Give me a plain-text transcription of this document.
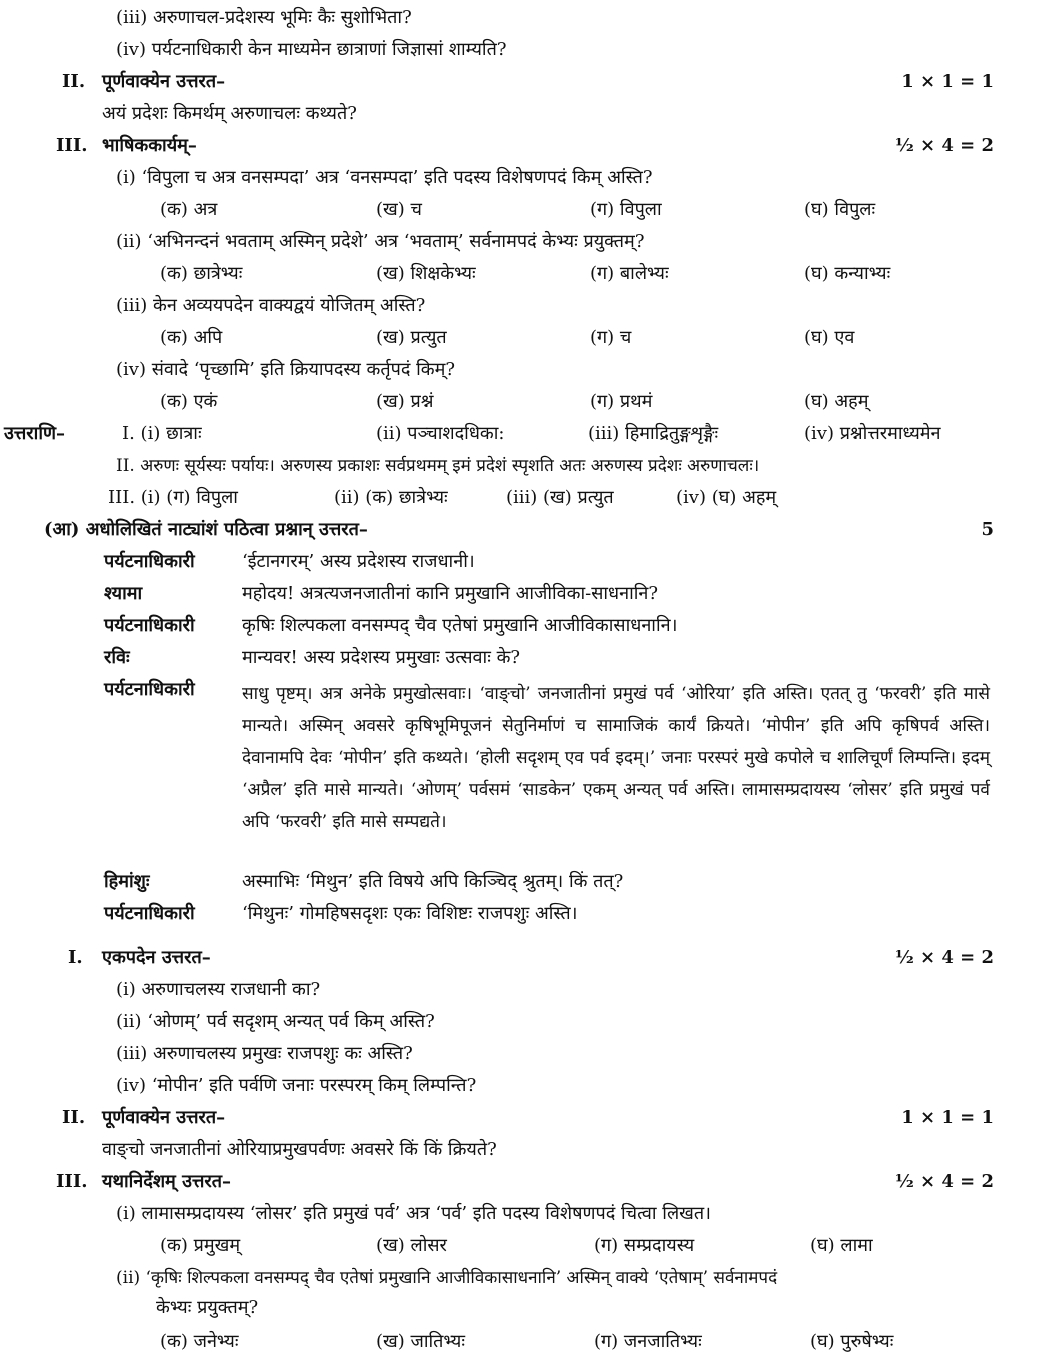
(iii) अरुणाचल-प्रदेशस्य भूमिः कैः सुशोभिता?
(iv) पर्यटनाधिकारी केन माध्यमेन छात्राणां जिज्ञासां शाम्यति?
II. पूर्णवाक्येन उत्तरत–	1 × 1 = 1
अयं प्रदेशः किमर्थम् अरुणाचलः कथ्यते?
III. भाषिककार्यम्–	½ × 4 = 2
(i) ‘विपुला च अत्र वनसम्पदा’ अत्र ‘वनसम्पदा’ इति पदस्य विशेषणपदं किम् अस्ति?
(क) अत्र	(ख) च	(ग) विपुला	(घ) विपुलः
(ii) ‘अभिनन्दनं भवताम् अस्मिन् प्रदेशे’ अत्र ‘भवताम्’ सर्वनामपदं केभ्यः प्रयुक्तम्?
(क) छात्रेभ्यः	(ख) शिक्षकेभ्यः	(ग) बालेभ्यः	(घ) कन्याभ्यः
(iii) केन अव्ययपदेन वाक्यद्वयं योजितम् अस्ति?
(क) अपि	(ख) प्रत्युत	(ग) च	(घ) एव
(iv) संवादे ‘पृच्छामि’ इति क्रियापदस्य कर्तृपदं किम्?
(क) एकं	(ख) प्रश्नं	(ग) प्रथमं	(घ) अहम्
उत्तराणि–	I. (i) छात्राः	(ii) पञ्चाशदधिका:	(iii) हिमाद्रितुङ्गशृङ्गैः	(iv) प्रश्नोत्तरमाध्यमेन
II. अरुणः सूर्यस्यः पर्यायः। अरुणस्य प्रकाशः सर्वप्रथमम् इमं प्रदेशं स्पृशति अतः अरुणस्य प्रदेशः अरुणाचलः।
III. (i) (ग) विपुला	(ii) (क) छात्रेभ्यः	(iii) (ख) प्रत्युत	(iv) (घ) अहम्
(आ) अधोलिखितं नाट्यांशं पठित्वा प्रश्नान् उत्तरत–	5
पर्यटनाधिकारी	‘ईटानगरम्’ अस्य प्रदेशस्य राजधानी।
श्यामा	महोदय! अत्रत्यजनजातीनां कानि प्रमुखानि आजीविका-साधनानि?
पर्यटनाधिकारी	कृषिः शिल्पकला वनसम्पद् चैव एतेषां प्रमुखानि आजीविकासाधनानि।
रविः	मान्यवर! अस्य प्रदेशस्य प्रमुखाः उत्सवाः के?
पर्यटनाधिकारी	साधु पृष्टम्। अत्र अनेके प्रमुखोत्सवाः। ‘वाङ्चो’ जनजातीनां प्रमुखं पर्व ‘ओरिया’ इति अस्ति। एतत् तु ‘फरवरी’ इति मासे मान्यते। अस्मिन् अवसरे कृषिभूमिपूजनं सेतुनिर्माणं च सामाजिकं कार्यं क्रियते। ‘मोपीन’ इति अपि कृषिपर्व अस्ति। देवानामपि देवः ‘मोपीन’ इति कथ्यते। ‘होली सदृशम् एव पर्व इदम्।’ जनाः परस्परं मुखे कपोले च शालिचूर्णं लिम्पन्ति। इदम् ‘अप्रैल’ इति मासे मान्यते। ‘ओणम्’ पर्वसमं ‘साडकेन’ एकम् अन्यत् पर्व अस्ति। लामासम्प्रदायस्य ‘लोसर’ इति प्रमुखं पर्व अपि ‘फरवरी’ इति मासे सम्पद्यते।
हिमांशुः	अस्माभिः ‘मिथुन’ इति विषये अपि किञ्चिद् श्रुतम्। किं तत्?
पर्यटनाधिकारी	‘मिथुनः’ गोमहिषसदृशः एकः विशिष्टः राजपशुः अस्ति।
I. एकपदेन उत्तरत–	½ × 4 = 2
(i) अरुणाचलस्य राजधानी का?
(ii) ‘ओणम्’ पर्व सदृशम् अन्यत् पर्व किम् अस्ति?
(iii) अरुणाचलस्य प्रमुखः राजपशुः कः अस्ति?
(iv) ‘मोपीन’ इति पर्वणि जनाः परस्परम् किम् लिम्पन्ति?
II. पूर्णवाक्येन उत्तरत–	1 × 1 = 1
वाङ्चो जनजातीनां ओरियाप्रमुखपर्वणः अवसरे किं किं क्रियते?
III. यथानिर्देशम् उत्तरत–	½ × 4 = 2
(i) लामासम्प्रदायस्य ‘लोसर’ इति प्रमुखं पर्व’ अत्र ‘पर्व’ इति पदस्य विशेषणपदं चित्वा लिखत।
(क) प्रमुखम्	(ख) लोसर	(ग) सम्प्रदायस्य	(घ) लामा
(ii) ‘कृषिः शिल्पकला वनसम्पद् चैव एतेषां प्रमुखानि आजीविकासाधनानि’ अस्मिन् वाक्ये ‘एतेषाम्’ सर्वनामपदं
केभ्यः प्रयुक्तम्?
(क) जनेभ्यः	(ख) जातिभ्यः	(ग) जनजातिभ्यः	(घ) पुरुषेभ्यः
